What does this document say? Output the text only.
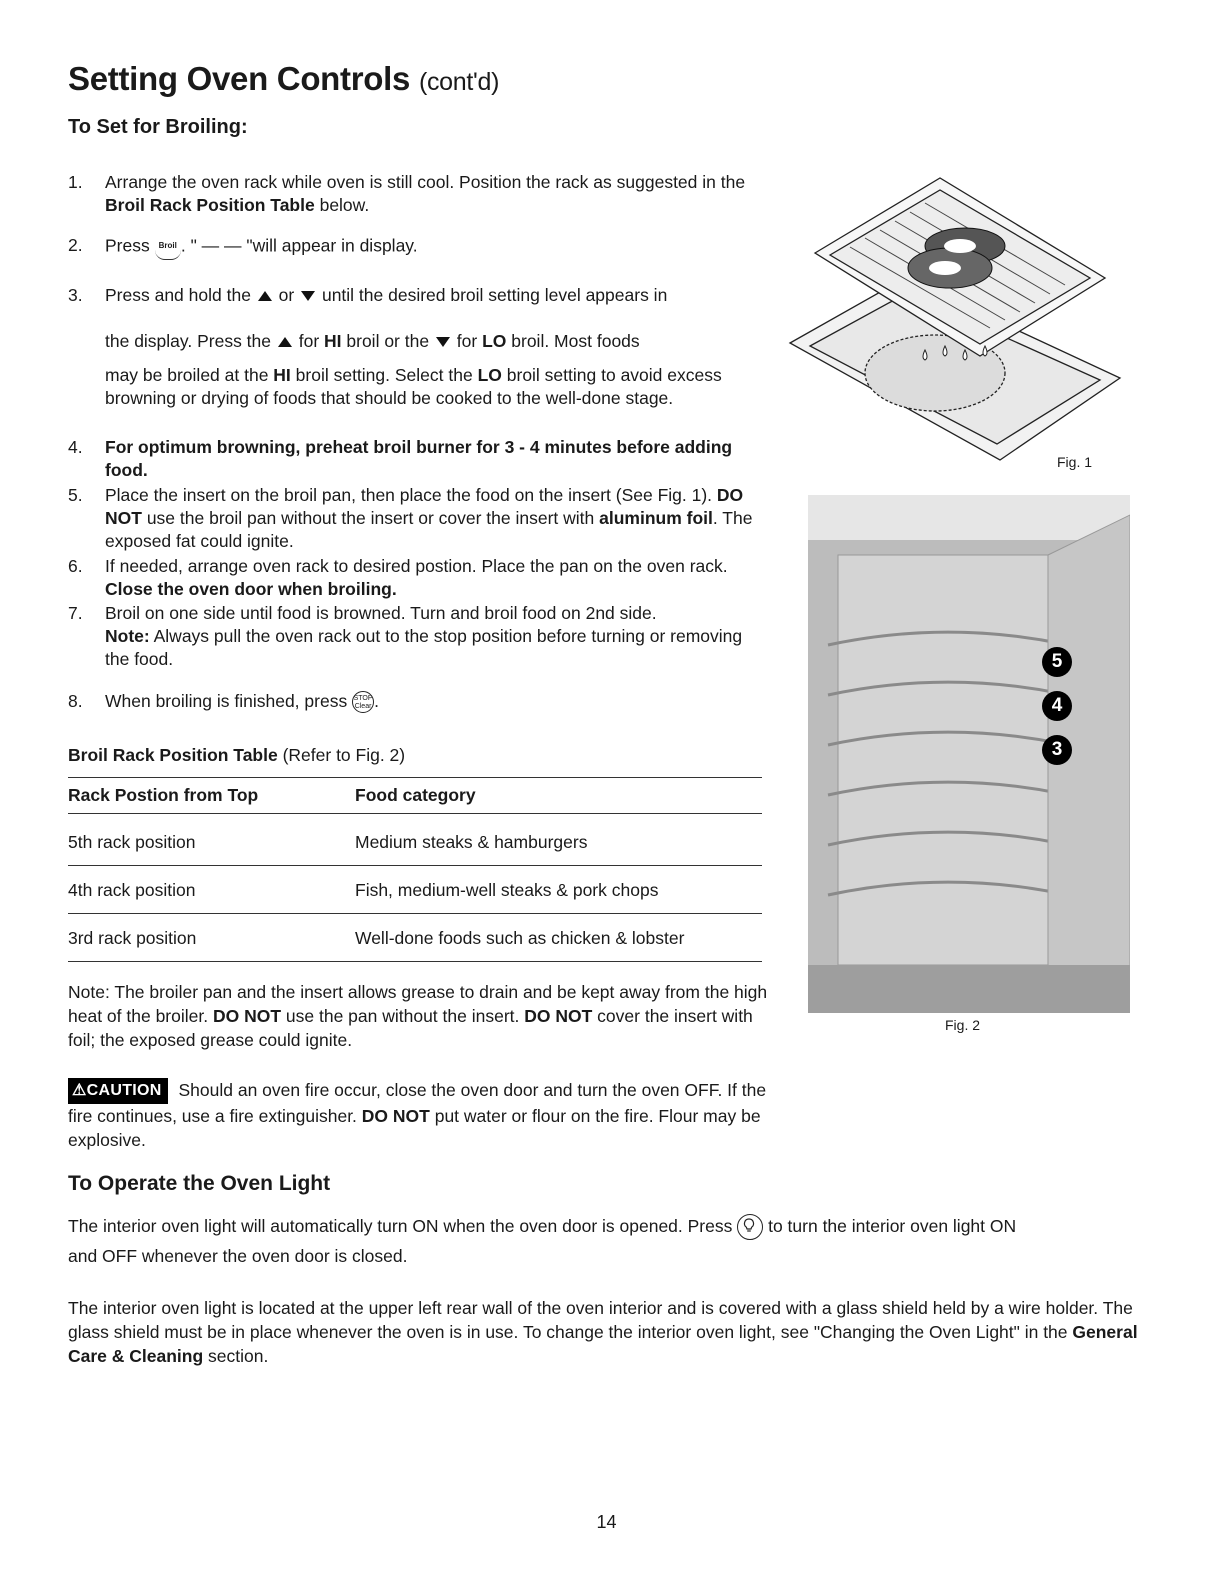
Setting Oven Controls (cont'd)
To Set for Broiling:
1. Arrange the oven rack while oven is still cool. Position the rack as suggested in the Broil Rack Position Table below.
2. Press Broil . " — — "will appear in display.
3. Press and hold the  or  until the desired broil setting level appears in
the display. Press the  for HI broil or the  for LO broil. Most foods
may be broiled at the HI broil setting. Select the LO broil setting to avoid excess browning or drying of foods that should be cooked to the well-done stage.
4. For optimum browning, preheat broil burner for 3 - 4 minutes before adding food.
5. Place the insert on the broil pan, then place the food on the insert (See Fig. 1). DO NOT use the broil pan without the insert or cover the insert with aluminum foil. The exposed fat could ignite.
6. If needed, arrange oven rack to desired postion. Place the pan on the oven rack. Close the oven door when broiling.
7. Broil on one side until food is browned. Turn and broil food on 2nd side.
Note: Always pull the oven rack out to the stop position before turning or removing the food.
8. When broiling is finished, press STOP
Clear .
Broil Rack Position Table (Refer to Fig. 2)
Rack Postion from Top	Food category
5th rack position	Medium steaks & hamburgers
4th rack position	Fish, medium-well steaks & pork chops
3rd rack position	Well-done foods such as chicken & lobster
Note: The broiler pan and the insert allows grease to drain and be kept away from the high heat of the broiler. DO NOT use the pan without the insert. DO NOT cover the insert with foil; the exposed grease could ignite.
⚠CAUTION Should an oven fire occur, close the oven door and turn the oven OFF. If the fire continues, use a fire extinguisher. DO NOT put water or flour on the fire. Flour may be explosive.
To Operate the Oven Light
The interior oven light will automatically turn ON when the oven door is opened. Press
to turn the interior oven light ON
and OFF whenever the oven door is closed.
The interior oven light is located at the upper left rear wall of the oven interior and is covered with a glass shield held by a wire holder. The glass shield must be in place whenever the oven is in use. To change the interior oven light, see "Changing the Oven Light" in the General Care & Cleaning section.
Fig. 1
5
4
3
Fig. 2
14
